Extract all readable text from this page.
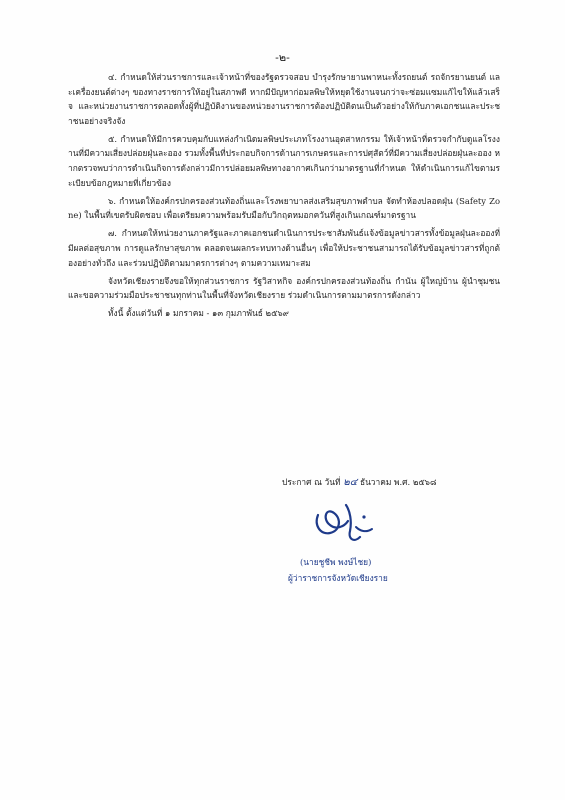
-๒-

๔. กำหนดให้ส่วนราชการและเจ้าหน้าที่ของรัฐตรวจสอบ บำรุงรักษายานพาหนะทั้งรถยนต์ รถจักรยานยนต์ และเครื่องยนต์ต่างๆ ของทางราชการให้อยู่ในสภาพดี หากมีปัญหาก่อมลพิษให้หยุดใช้งานจนกว่าจะซ่อมแซมแก้ไขให้แล้วเสร็จ และหน่วยงานราชการตลอดทั้งผู้ที่ปฏิบัติงานของหน่วยงานราชการต้องปฏิบัติตนเป็นตัวอย่างให้กับภาคเอกชนและประชาชนอย่างจริงจัง

๕. กำหนดให้มีการควบคุมกับแหล่งกำเนิดมลพิษประเภทโรงงานอุตสาหกรรม ให้เจ้าหน้าที่ตรวจกำกับดูแลโรงงานที่มีความเสี่ยงปล่อยฝุ่นละออง รวมทั้งพื้นที่ประกอบกิจการด้านการเกษตรและการปศุสัตว์ที่มีความเสี่ยงปล่อยฝุ่นละออง หากตรวจพบว่าการดำเนินกิจการดังกล่าวมีการปล่อยมลพิษทางอากาศเกินกว่ามาตรฐานที่กำหนด ให้ดำเนินการแก้ไขตามระเบียบข้อกฎหมายที่เกี่ยวข้อง

๖. กำหนดให้องค์กรปกครองส่วนท้องถิ่นและโรงพยาบาลส่งเสริมสุขภาพตำบล จัดทำห้องปลอดฝุ่น (Safety Zone) ในพื้นที่เขตรับผิดชอบ เพื่อเตรียมความพร้อมรับมือกับวิกฤตหมอกควันที่สูงเกินเกณฑ์มาตรฐาน

๗. กำหนดให้หน่วยงานภาครัฐและภาคเอกชนดำเนินการประชาสัมพันธ์แจ้งข้อมูลข่าวสารทั้งข้อมูลฝุ่นละอองที่มีผลต่อสุขภาพ การดูแลรักษาสุขภาพ ตลอดจนผลกระทบทางด้านอื่นๆ เพื่อให้ประชาชนสามารถได้รับข้อมูลข่าวสารที่ถูกต้องอย่างทั่วถึง และร่วมปฏิบัติตามมาตรการต่างๆ ตามความเหมาะสม

จังหวัดเชียงรายจึงขอให้ทุกส่วนราชการ รัฐวิสาหกิจ องค์กรปกครองส่วนท้องถิ่น กำนัน ผู้ใหญ่บ้าน ผู้นำชุมชน และขอความร่วมมือประชาชนทุกท่านในพื้นที่จังหวัดเชียงราย ร่วมดำเนินการตามมาตรการดังกล่าว

ทั้งนี้ ตั้งแต่วันที่ ๑ มกราคม - ๑๓ กุมภาพันธ์ ๒๕๖๙

ประกาศ ณ วันที่ ๒๔ ธันวาคม พ.ศ. ๒๕๖๘
(นายชูชีพ พงษ์ไชย)
ผู้ว่าราชการจังหวัดเชียงราย
